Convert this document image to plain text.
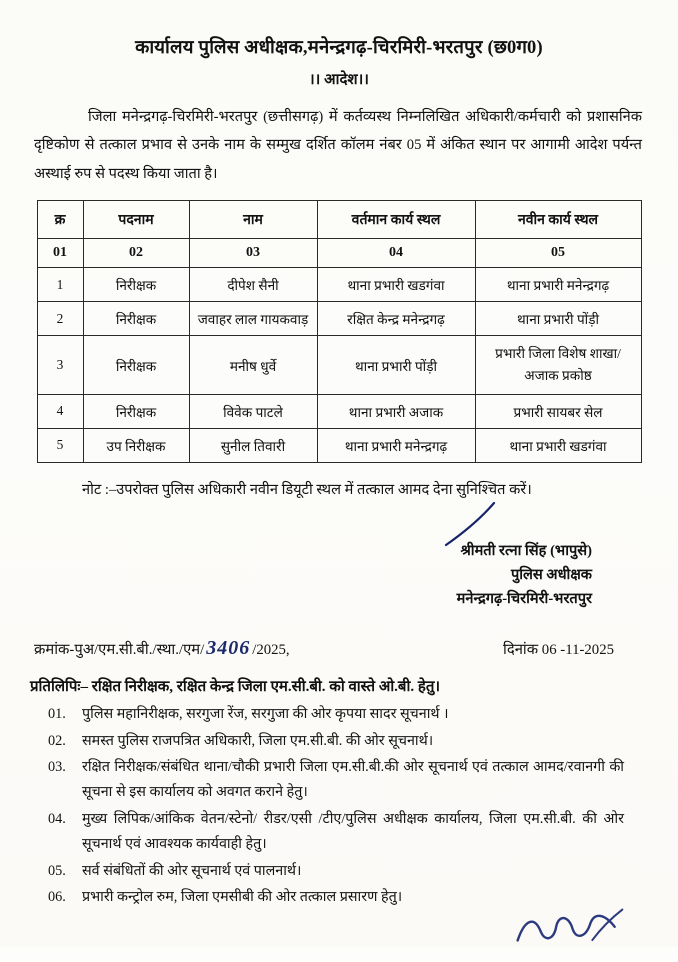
कार्यालय पुलिस अधीक्षक,मनेन्द्रगढ़-चिरमिरी-भरतपुर (छ0ग0)
।। आदेश।।
जिला मनेन्द्रगढ़-चिरमिरी-भरतपुर (छत्तीसगढ़) में कर्तव्यस्थ निम्नलिखित अधिकारी/कर्मचारी को प्रशासनिक दृष्टिकोण से तत्काल प्रभाव से उनके नाम के सम्मुख दर्शित कॉलम नंबर 05 में अंकित स्थान पर आगामी आदेश पर्यन्त अस्थाई रुप से पदस्थ किया जाता है।
क्र	पदनाम	नाम	वर्तमान कार्य स्थल	नवीन कार्य स्थल
01	02	03	04	05
1	निरीक्षक	दीपेश सैनी	थाना प्रभारी खडगंवा	थाना प्रभारी मनेन्द्रगढ़
2	निरीक्षक	जवाहर लाल गायकवाड़	रक्षित केन्द्र मनेन्द्रगढ़	थाना प्रभारी पोंड़ी
3	निरीक्षक	मनीष धुर्वे	थाना प्रभारी पोंड़ी	प्रभारी जिला विशेष शाखा/अजाक प्रकोष्ठ
4	निरीक्षक	विवेक पाटले	थाना प्रभारी अजाक	प्रभारी सायबर सेल
5	उप निरीक्षक	सुनील तिवारी	थाना प्रभारी मनेन्द्रगढ़	थाना प्रभारी खडगंवा
नोट :–उपरोक्त पुलिस अधिकारी नवीन डियूटी स्थल में तत्काल आमद देना सुनिश्चित करें।
श्रीमती रत्ना सिंह (भापुसे)
पुलिस अधीक्षक
मनेन्द्रगढ़-चिरमिरी-भरतपुर
क्रमांक-पुअ/एम.सी.बी./स्था./एम/ 3406 /2025,	दिनांक 06 -11-2025
प्रतिलिपिः– रक्षित निरीक्षक, रक्षित केन्द्र जिला एम.सी.बी. को वास्ते ओ.बी. हेतु।
01.	पुलिस महानिरीक्षक, सरगुजा रेंज, सरगुजा की ओर कृपया सादर सूचनार्थ ।
02.	समस्त पुलिस राजपत्रित अधिकारी, जिला एम.सी.बी. की ओर सूचनार्थ।
03.	रक्षित निरीक्षक/संबंधित थाना/चौकी प्रभारी जिला एम.सी.बी.की ओर सूचनार्थ एवं तत्काल आमद/रवानगी की सूचना से इस कार्यालय को अवगत कराने हेतु।
04.	मुख्य लिपिक/आंकिक वेतन/स्टेनो/ रीडर/एसी /टीए/पुलिस अधीक्षक कार्यालय, जिला एम.सी.बी. की ओर सूचनार्थ एवं आवश्यक कार्यवाही हेतु।
05.	सर्व संबंधितों की ओर सूचनार्थ एवं पालनार्थ।
06.	प्रभारी कन्ट्रोल रुम, जिला एमसीबी की ओर तत्काल प्रसारण हेतु।
